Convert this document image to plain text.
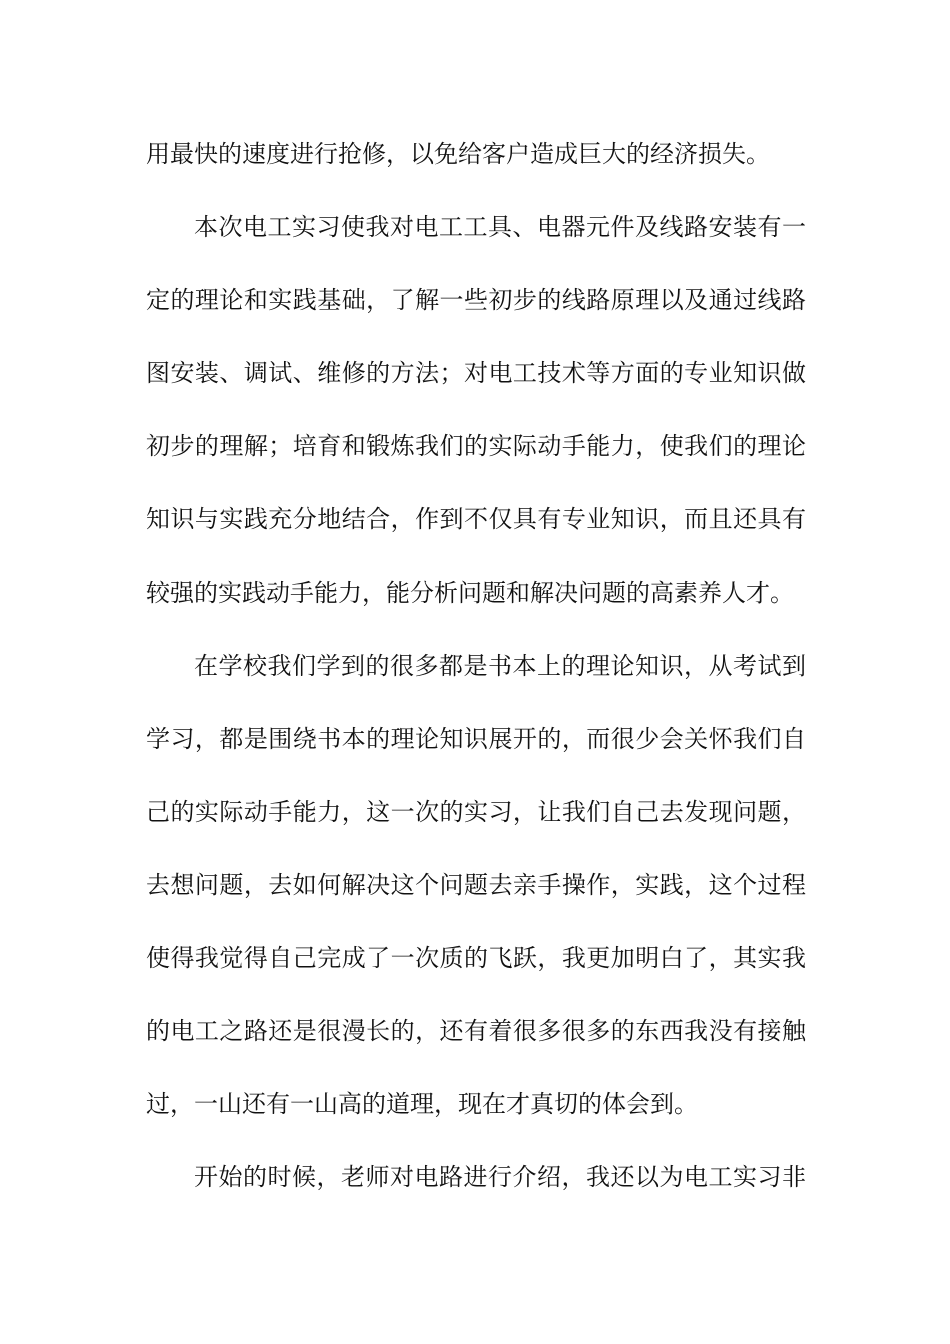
用最快的速度进行抢修，以免给客户造成巨大的经济损失。
本次电工实习使我对电工工具、电器元件及线路安装有一
定的理论和实践基础，了解一些初步的线路原理以及通过线路
图安装、调试、维修的方法；对电工技术等方面的专业知识做
初步的理解；培育和锻炼我们的实际动手能力，使我们的理论
知识与实践充分地结合，作到不仅具有专业知识，而且还具有
较强的实践动手能力，能分析问题和解决问题的高素养人才。
在学校我们学到的很多都是书本上的理论知识，从考试到
学习，都是围绕书本的理论知识展开的，而很少会关怀我们自
己的实际动手能力，这一次的实习，让我们自己去发现问题，
去想问题，去如何解决这个问题去亲手操作，实践，这个过程
使得我觉得自己完成了一次质的飞跃，我更加明白了，其实我
的电工之路还是很漫长的，还有着很多很多的东西我没有接触
过，一山还有一山高的道理，现在才真切的体会到。
开始的时候，老师对电路进行介绍，我还以为电工实习非
